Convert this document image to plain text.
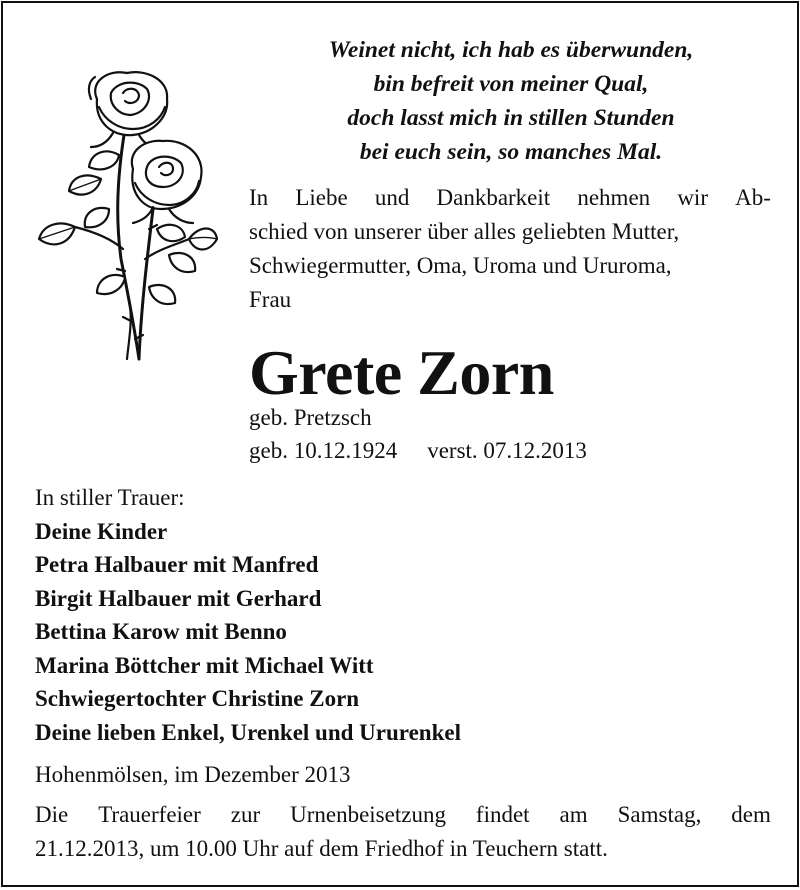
Weinet nicht, ich hab es überwunden,
bin befreit von meiner Qual,
doch lasst mich in stillen Stunden
bei euch sein, so manches Mal.
In Liebe und Dankbarkeit nehmen wir Ab-
schied von unserer über alles geliebten Mutter,
Schwiegermutter, Oma, Uroma und Ururoma,
Frau
Grete Zorn
geb. Pretzsch
geb. 10.12.1924 verst. 07.12.2013
In stiller Trauer:
Deine Kinder
Petra Halbauer mit Manfred
Birgit Halbauer mit Gerhard
Bettina Karow mit Benno
Marina Böttcher mit Michael Witt
Schwiegertochter Christine Zorn
Deine lieben Enkel, Urenkel und Ururenkel
Hohenmölsen, im Dezember 2013
Die Trauerfeier zur Urnenbeisetzung findet am Samstag, dem
21.12.2013, um 10.00 Uhr auf dem Friedhof in Teuchern statt.
